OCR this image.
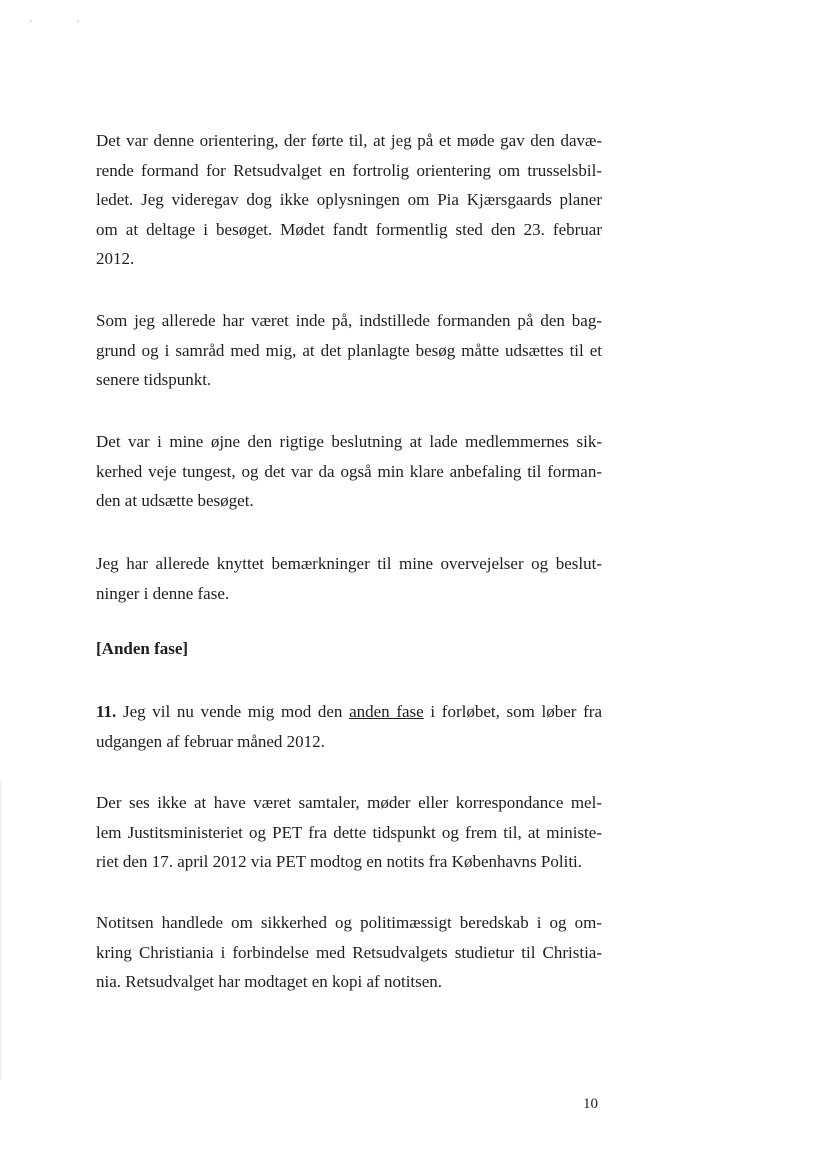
Det var denne orientering, der førte til, at jeg på et møde gav den davæ-
rende formand for Retsudvalget en fortrolig orientering om trusselsbil-
ledet. Jeg videregav dog ikke oplysningen om Pia Kjærsgaards planer
om at deltage i besøget. Mødet fandt formentlig sted den 23. februar
2012.

Som jeg allerede har været inde på, indstillede formanden på den bag-
grund og i samråd med mig, at det planlagte besøg måtte udsættes til et
senere tidspunkt.

Det var i mine øjne den rigtige beslutning at lade medlemmernes sik-
kerhed veje tungest, og det var da også min klare anbefaling til forman-
den at udsætte besøget.

Jeg har allerede knyttet bemærkninger til mine overvejelser og beslut-
ninger i denne fase.

[Anden fase]

11. Jeg vil nu vende mig mod den anden fase i forløbet, som løber fra
udgangen af februar måned 2012.

Der ses ikke at have været samtaler, møder eller korrespondance mel-
lem Justitsministeriet og PET fra dette tidspunkt og frem til, at ministe-
riet den 17. april 2012 via PET modtog en notits fra Københavns Politi.

Notitsen handlede om sikkerhed og politimæssigt beredskab i og om-
kring Christiania i forbindelse med Retsudvalgets studietur til Christia-
nia. Retsudvalget har modtaget en kopi af notitsen.

10
